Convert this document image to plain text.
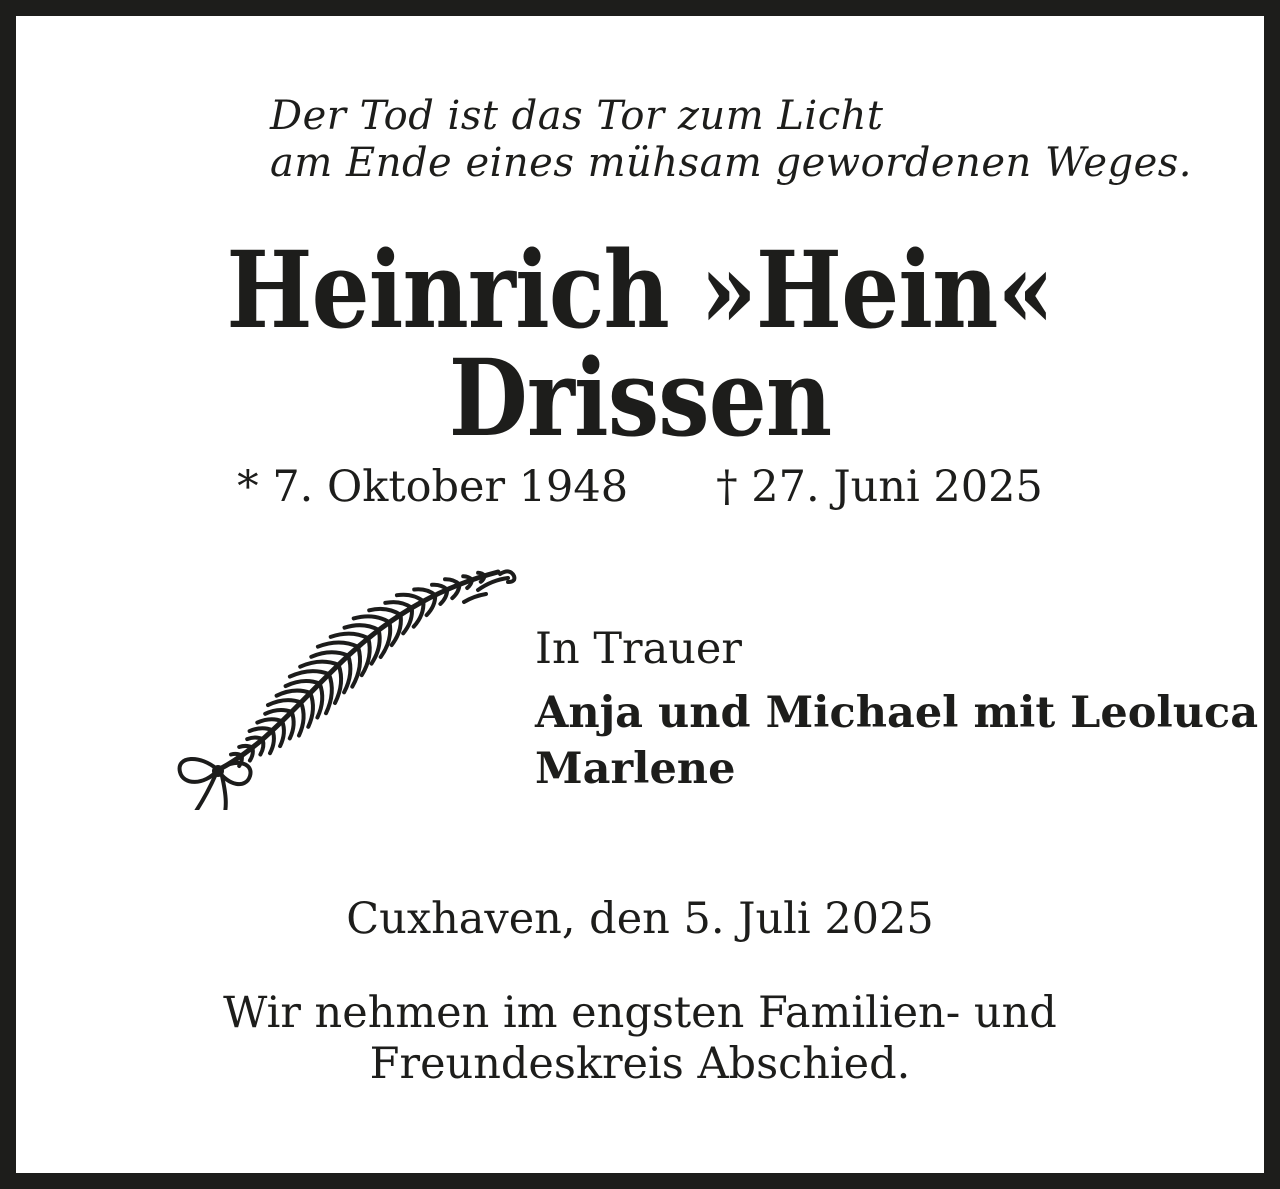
Der Tod ist das Tor zum Licht
am Ende eines mühsam gewordenen Weges.
Heinrich »Hein«
Drissen
* 7. Oktober 1948 † 27. Juni 2025
In Trauer
Anja und Michael mit Leoluca
Marlene
Cuxhaven, den 5. Juli 2025
Wir nehmen im engsten Familien- und
Freundeskreis Abschied.
